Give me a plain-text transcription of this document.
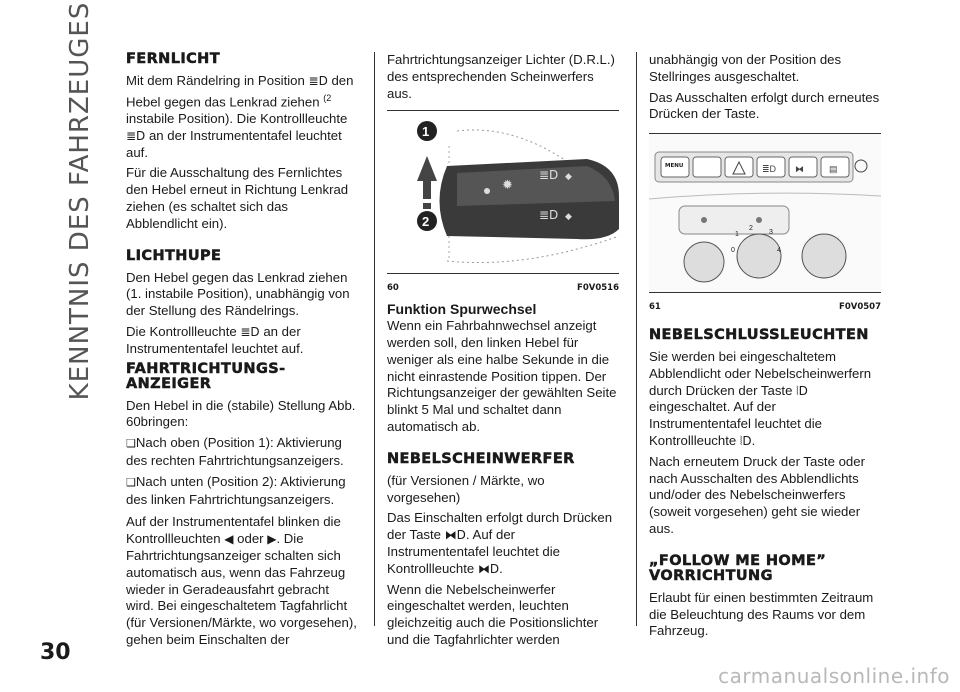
KENNTNIS DES FAHRZEUGES FERNLICHT

Mit dem Rändelring in Position ≣D den Hebel gegen das Lenkrad ziehen $^{(2}$ instabile Position). Die Kontrollleuchte ≣D an der Instrumententafel leuchtet auf.

Für die Ausschaltung des Fernlichtes den Hebel erneut in Richtung Lenkrad ziehen (es schaltet sich das Abblendlicht ein).

LICHTHUPE

Den Hebel gegen das Lenkrad ziehen (1. instabile Position), unabhängig von der Stellung des Rändelrings.

Die Kontrollleuchte ≣D an der Instrumententafel leuchtet auf.

FAHRTRICHTUNGS-ANZEIGER

Den Hebel in die (stabile) Stellung Abb. 60bringen:

❑ Nach oben (Position 1): Aktivierung des rechten Fahrtrichtungsanzeigers.

❑ Nach unten (Position 2): Aktivierung des linken Fahrtrichtungsanzeigers.

Auf der Instrumententafel blinken die Kontrollleuchten ◀ oder ▶. Die Fahrtrichtungsanzeiger schalten sich automatisch aus, wenn das Fahrzeug wieder in Geradeausfahrt gebracht wird. Bei eingeschaltetem Tagfahrlicht (für Versionen/Märkte, wo vorgesehen), gehen beim Einschalten der

Fahrtrichtungsanzeiger Lichter (D.R.L.) des entsprechenden Scheinwerfers aus.

✹
≣D
≣D
◆
◆
1
2
60	F0V0516
Funktion Spurwechsel

Wenn ein Fahrbahnwechsel anzeigt werden soll, den linken Hebel für weniger als eine halbe Sekunde in die nicht einrastende Position tippen. Der Richtungsanzeiger der gewählten Seite blinkt 5 Mal und schaltet dann automatisch ab.

NEBELSCHEINWERFER

(für Versionen / Märkte, wo vorgesehen)

Das Einschalten erfolgt durch Drücken der Taste ⧓D. Auf der Instrumententafel leuchtet die Kontrollleuchte ⧓D.

Wenn die Nebelscheinwerfer eingeschaltet werden, leuchten gleichzeitig auch die Positionslichter und die Tagfahrlichter werden

unabhängig von der Position des Stellringes ausgeschaltet.

Das Ausschalten erfolgt durch erneutes Drücken der Taste.

≣D ⧓	▤
1
2
3
4
0
MENU
61	F0V0507
NEBELSCHLUSSLEUCHTEN

Sie werden bei eingeschaltetem Abblendlicht oder Nebelscheinwerfern durch Drücken der Taste ⦚D eingeschaltet. Auf der Instrumententafel leuchtet die Kontrollleuchte ⦚D.

Nach erneutem Druck der Taste oder nach Ausschalten des Abblendlichts und/oder des Nebelscheinwerfers (soweit vorgesehen) geht sie wieder aus.

„FOLLOW ME HOME”
VORRICHTUNG

Erlaubt für einen bestimmten Zeitraum die Beleuchtung des Raums vor dem Fahrzeug.

30
carmanualsonline.info
